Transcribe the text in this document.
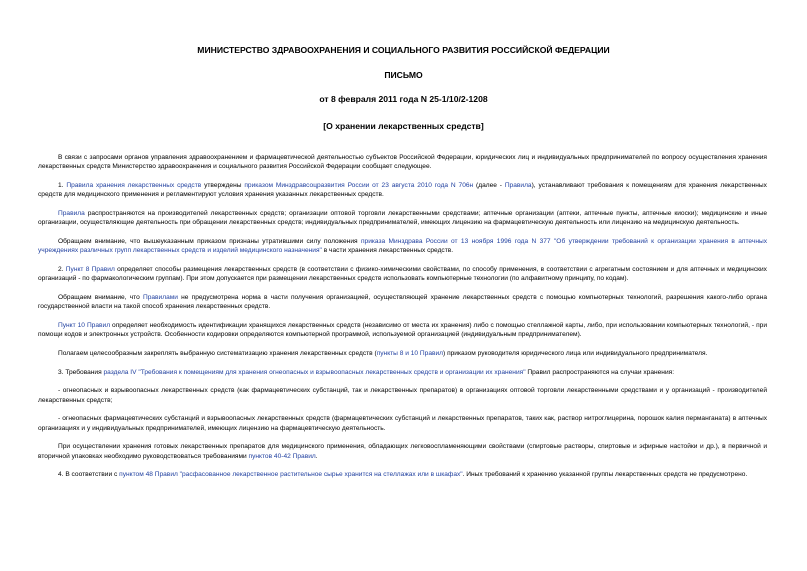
МИНИСТЕРСТВО ЗДРАВООХРАНЕНИЯ И СОЦИАЛЬНОГО РАЗВИТИЯ РОССИЙСКОЙ ФЕДЕРАЦИИ
ПИСЬМО
от 8 февраля 2011 года N 25-1/10/2-1208
[О хранении лекарственных средств]

В связи с запросами органов управления здравоохранением и фармацевтической деятельностью субъектов Российской Федерации, юридических лиц и индивидуальных предпринимателей по вопросу осуществления хранения лекарственных средств Министерство здравоохранения и социального развития Российской Федерации сообщает следующее.

1. Правила хранения лекарственных средств утверждены приказом Минздравсоцразвития России от 23 августа 2010 года N 706н (далее - Правила), устанавливают требования к помещениям для хранения лекарственных средств для медицинского применения и регламентируют условия хранения указанных лекарственных средств.

Правила распространяются на производителей лекарственных средств; организации оптовой торговли лекарственными средствами; аптечные организации (аптеки, аптечные пункты, аптечные киоски); медицинские и иные организации, осуществляющие деятельность при обращении лекарственных средств; индивидуальных предпринимателей, имеющих лицензию на фармацевтическую деятельность или лицензию на медицинскую деятельность.

Обращаем внимание, что вышеуказанным приказом признаны утратившими силу положения приказа Минздрава России от 13 ноября 1996 года N 377 "Об утверждении требований к организации хранения в аптечных учреждениях различных групп лекарственных средств и изделий медицинского назначения" в части хранения лекарственных средств.

2. Пункт 8 Правил определяет способы размещения лекарственных средств (в соответствии с физико-химическими свойствами, по способу применения, в соответствии с агрегатным состоянием и для аптечных и медицинских организаций - по фармакологическим группам). При этом допускается при размещении лекарственных средств использовать компьютерные технологии (по алфавитному принципу, по кодам).

Обращаем внимание, что Правилами не предусмотрена норма в части получения организацией, осуществляющей хранение лекарственных средств с помощью компьютерных технологий, разрешения какого-либо органа государственной власти на такой способ хранения лекарственных средств.

Пункт 10 Правил определяет необходимость идентификации хранящихся лекарственных средств (независимо от места их хранения) либо с помощью стеллажной карты, либо, при использовании компьютерных технологий, - при помощи кодов и электронных устройств. Особенности кодировки определяются компьютерной программой, используемой организацией (индивидуальным предпринимателем).

Полагаем целесообразным закреплять выбранную систематизацию хранения лекарственных средств (пункты 8 и 10 Правил) приказом руководителя юридического лица или индивидуального предпринимателя.

3. Требования раздела IV "Требования к помещениям для хранения огнеопасных и взрывоопасных лекарственных средств и организации их хранения" Правил распространяются на случаи хранения:

- огнеопасных и взрывоопасных лекарственных средств (как фармацевтических субстанций, так и лекарственных препаратов) в организациях оптовой торговли лекарственными средствами и у организаций - производителей лекарственных средств;

- огнеопасных фармацевтических субстанций и взрывоопасных лекарственных средств (фармацевтических субстанций и лекарственных препаратов, таких как, раствор нитроглицерина, порошок калия перманганата) в аптечных организациях и у индивидуальных предпринимателей, имеющих лицензию на фармацевтическую деятельность.

При осуществлении хранения готовых лекарственных препаратов для медицинского применения, обладающих легковоспламеняющими свойствами (спиртовые растворы, спиртовые и эфирные настойки и др.), в первичной и вторичной упаковках необходимо руководствоваться требованиями пунктов 40-42 Правил.

4. В соответствии с пунктом 48 Правил "расфасованное лекарственное растительное сырье хранится на стеллажах или в шкафах". Иных требований к хранению указанной группы лекарственных средств не предусмотрено.
